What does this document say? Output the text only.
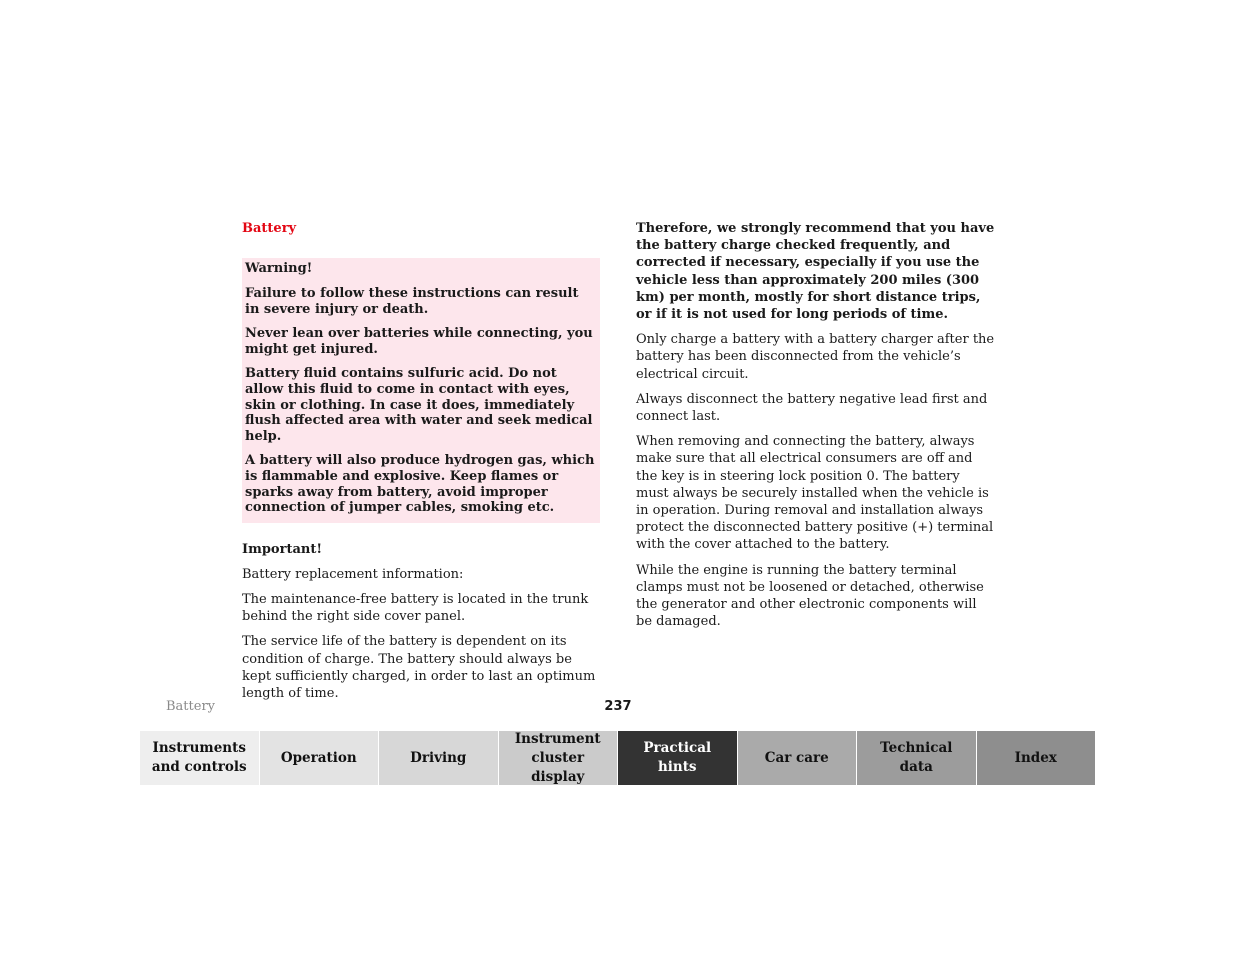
Battery

Warning!

Failure to follow these instructions can result in severe injury or death.

Never lean over batteries while connecting, you might get injured.

Battery fluid contains sulfuric acid. Do not allow this fluid to come in contact with eyes, skin or clothing. In case it does, immediately flush affected area with water and seek medical help.

A battery will also produce hydrogen gas, which is flammable and explosive. Keep flames or sparks away from battery, avoid improper connection of jumper cables, smoking etc.

Important!

Battery replacement information:

The maintenance-free battery is located in the trunk behind the right side cover panel.

The service life of the battery is dependent on its condition of charge. The battery should always be kept sufficiently charged, in order to last an optimum length of time.

Therefore, we strongly recommend that you have the battery charge checked frequently, and corrected if necessary, especially if you use the vehicle less than approximately 200 miles (300 km) per month, mostly for short distance trips, or if it is not used for long periods of time.

Only charge a battery with a battery charger after the battery has been disconnected from the vehicle’s electrical circuit.

Always disconnect the battery negative lead first and connect last.

When removing and connecting the battery, always make sure that all electrical consumers are off and the key is in steering lock position 0. The battery must always be securely installed when the vehicle is in operation. During removal and installation always protect the disconnected battery positive (+) terminal with the cover attached to the battery.

While the engine is running the battery terminal clamps must not be loosened or detached, otherwise the generator and other electronic components will be damaged.

Battery	237
Instruments
and controls
Operation	Driving
Instrument
cluster display
Practical hints
Car care
Technical
data
Index
